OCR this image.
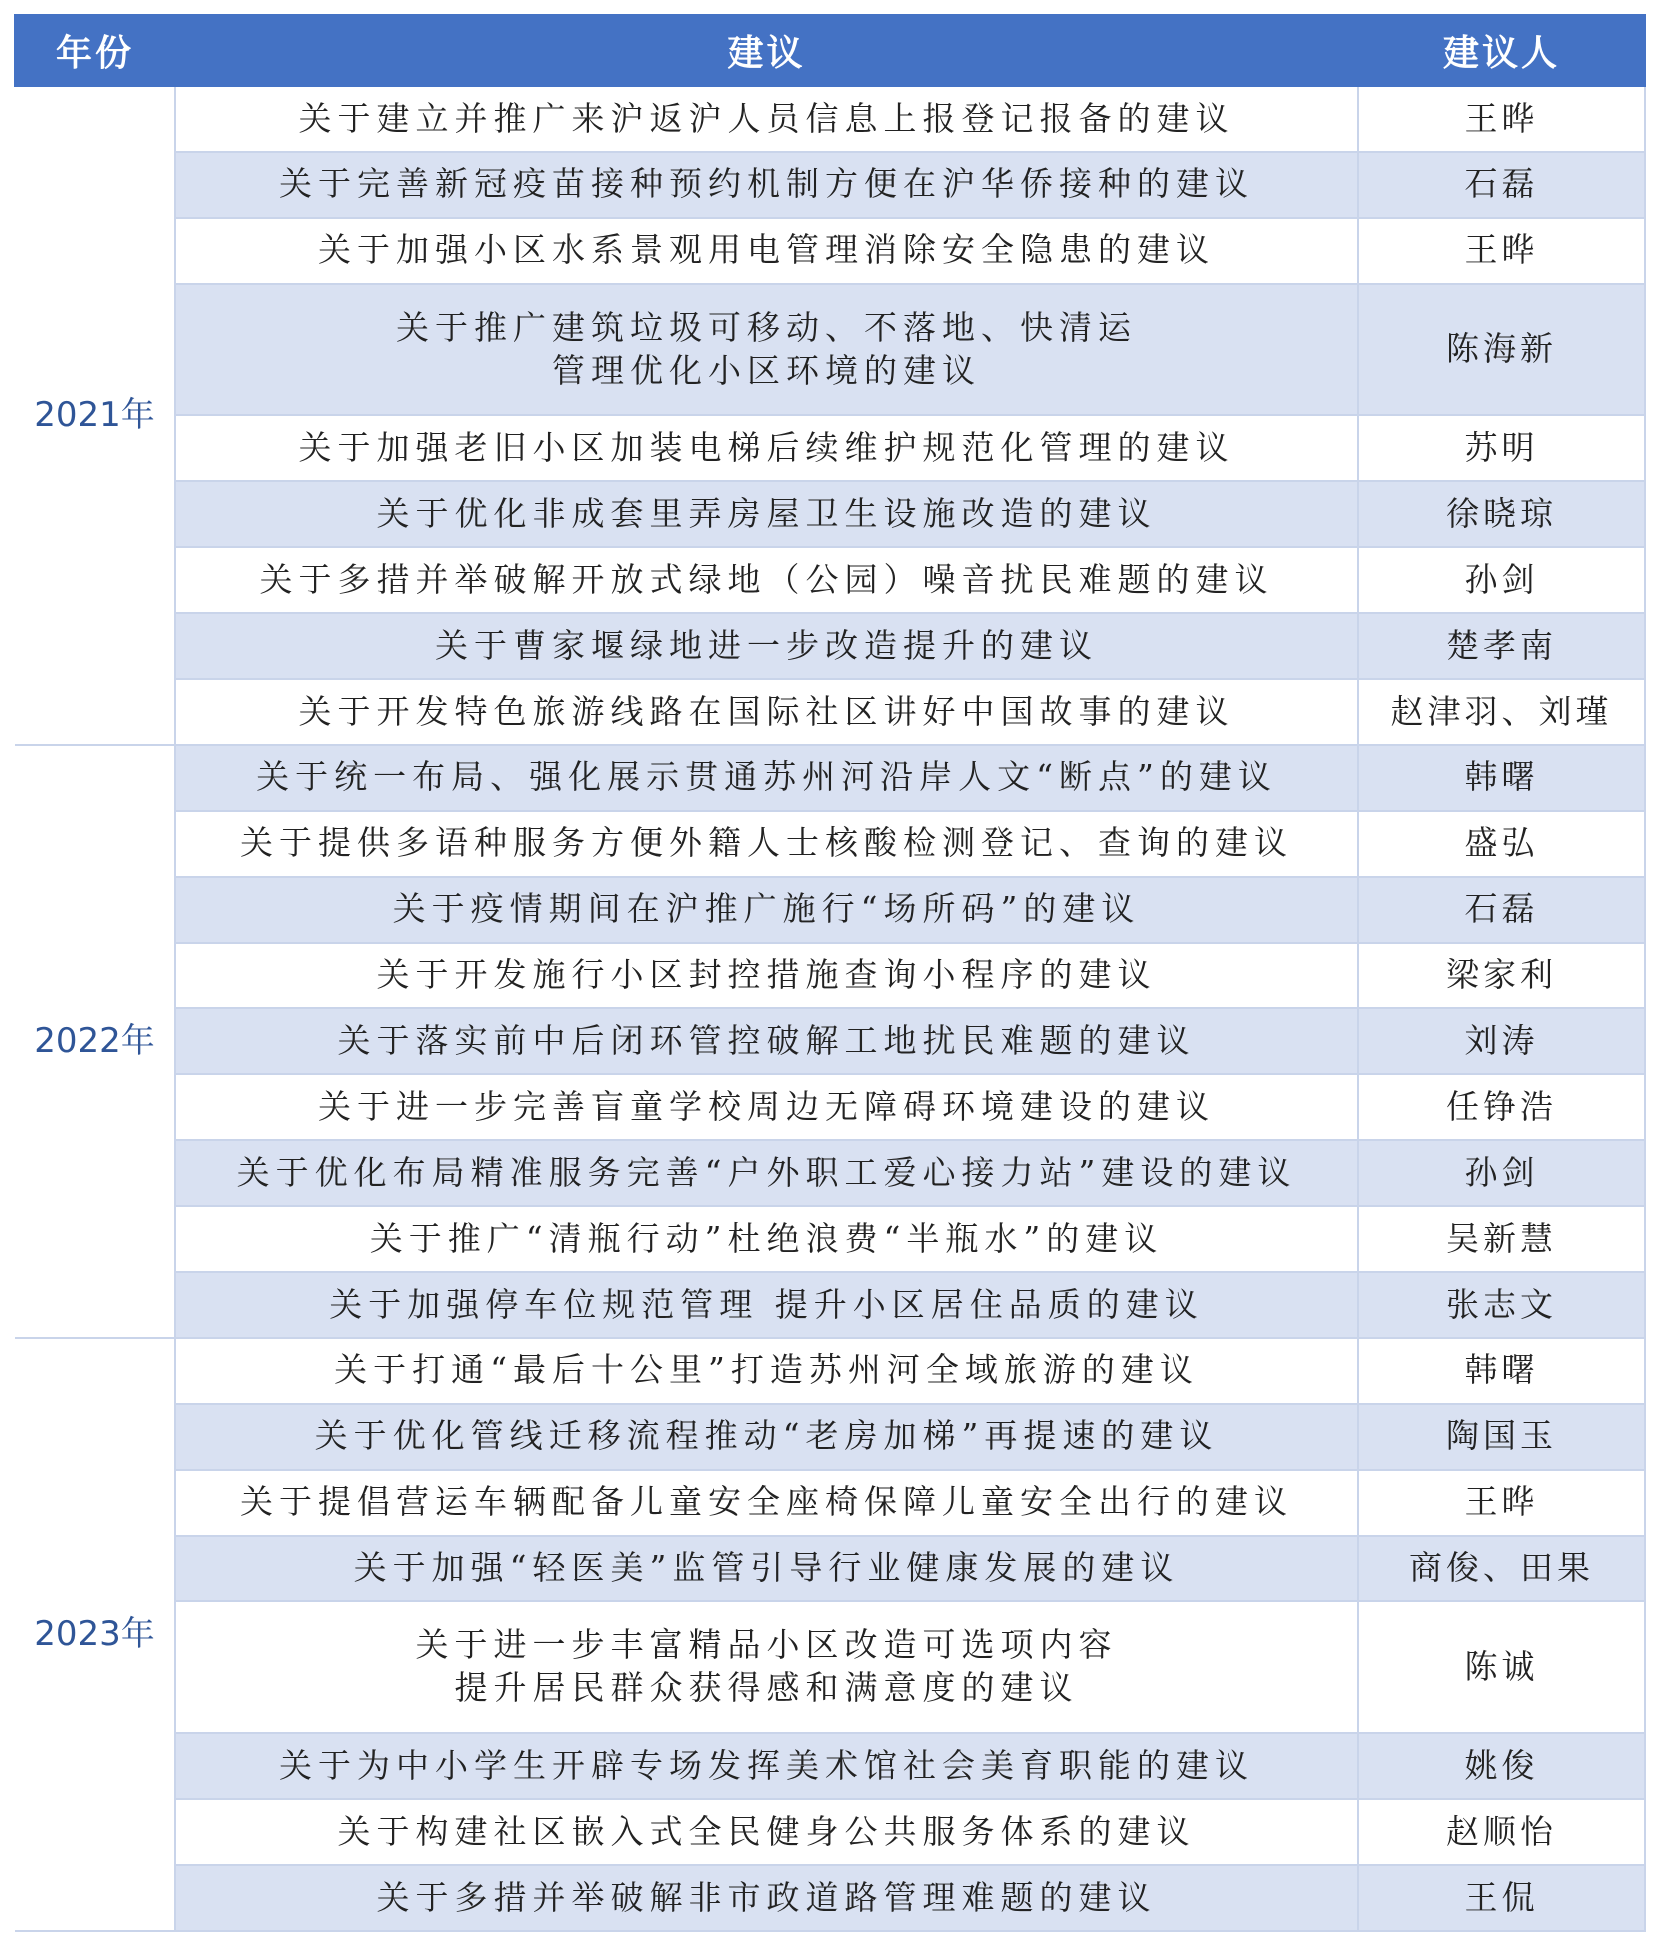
年份	建议	建议人
2021年	关于建立并推广来沪返沪人员信息上报登记报备的建议	王晔
	关于完善新冠疫苗接种预约机制方便在沪华侨接种的建议	石磊
	关于加强小区水系景观用电管理消除安全隐患的建议	王晔

	关于推广建筑垃圾可移动、不落地、快清运
管理优化小区环境的建议	陈海新
	关于加强老旧小区加装电梯后续维护规范化管理的建议	苏明
	关于优化非成套里弄房屋卫生设施改造的建议	徐晓琼
	关于多措并举破解开放式绿地（公园）噪音扰民难题的建议	孙剑
	关于曹家堰绿地进一步改造提升的建议	楚孝南
	关于开发特色旅游线路在国际社区讲好中国故事的建议	赵津羽、刘瑾
2022年	关于统一布局、强化展示贯通苏州河沿岸人文“断点”的建议	韩曙
	关于提供多语种服务方便外籍人士核酸检测登记、查询的建议	盛弘
	关于疫情期间在沪推广施行“场所码”的建议	石磊
	关于开发施行小区封控措施查询小程序的建议	梁家利
	关于落实前中后闭环管控破解工地扰民难题的建议	刘涛
	关于进一步完善盲童学校周边无障碍环境建设的建议	任铮浩
	关于优化布局精准服务完善“户外职工爱心接力站”建设的建议	孙剑
	关于推广“清瓶行动”杜绝浪费“半瓶水”的建议	吴新慧
	关于加强停车位规范管理 提升小区居住品质的建议	张志文
2023年	关于打通“最后十公里”打造苏州河全域旅游的建议	韩曙
	关于优化管线迁移流程推动“老房加梯”再提速的建议	陶国玉
	关于提倡营运车辆配备儿童安全座椅保障儿童安全出行的建议	王晔
	关于加强“轻医美”监管引导行业健康发展的建议	商俊、田果

	关于进一步丰富精品小区改造可选项内容
提升居民群众获得感和满意度的建议	陈诚
	关于为中小学生开辟专场发挥美术馆社会美育职能的建议	姚俊
	关于构建社区嵌入式全民健身公共服务体系的建议	赵顺怡
	关于多措并举破解非市政道路管理难题的建议	王侃
